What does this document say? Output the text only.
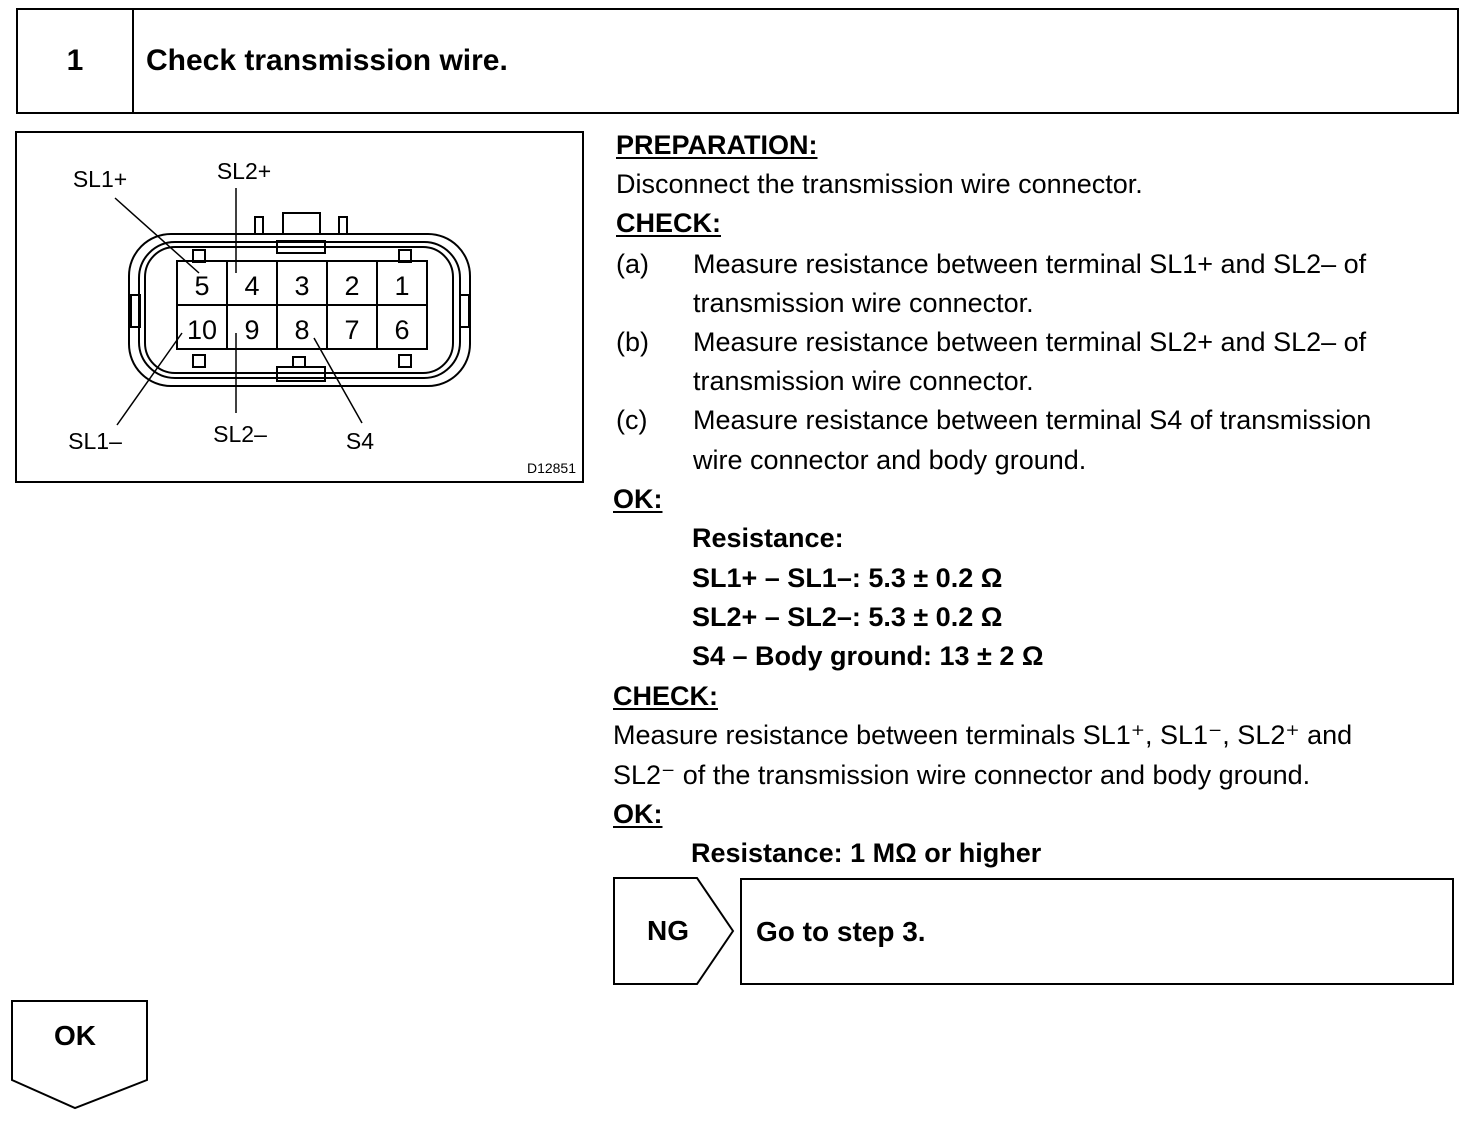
1	Check transmission wire.
5 4 3 2 1
10 9 8 7 6
SL1+	SL2+
SL1–	SL2–	S4
D12851
PREPARATION:
Disconnect the transmission wire connector.
CHECK:
(a) Measure resistance between terminal SL1+ and SL2– of
transmission wire connector.
(b) Measure resistance between terminal SL2+ and SL2– of
transmission wire connector.
(c) Measure resistance between terminal S4 of transmission
wire connector and body ground.
OK:
Resistance:
SL1+ – SL1–: 5.3 ± 0.2 Ω
SL2+ – SL2–: 5.3 ± 0.2 Ω
S4 – Body ground: 13 ± 2 Ω
CHECK:
Measure resistance between terminals SL1⁺, SL1⁻, SL2⁺ and
SL2⁻ of the transmission wire connector and body ground.
OK:
Resistance: 1 MΩ or higher
NG	Go to step 3.
OK
